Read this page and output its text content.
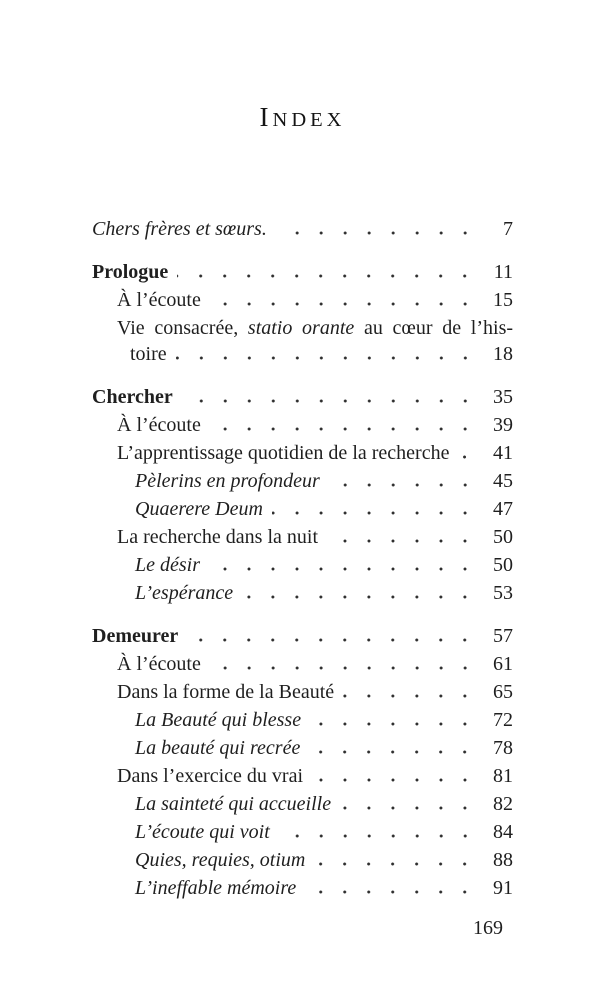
INDEX
Chers frères et sœurs.	7
Prologue	11
À l’écoute	15
Vie consacrée, statio orante au cœur de l’his-
toire	18
Chercher	35
À l’écoute	39
L’apprentissage quotidien de la recherche	41
Pèlerins en profondeur	45
Quaerere Deum	47
La recherche dans la nuit	50
Le désir	50
L’espérance	53
Demeurer	57
À l’écoute	61
Dans la forme de la Beauté	65
La Beauté qui blesse	72
La beauté qui recrée	78
Dans l’exercice du vrai	81
La sainteté qui accueille	82
L’écoute qui voit	84
Quies, requies, otium	88
L’ineffable mémoire	91
169
